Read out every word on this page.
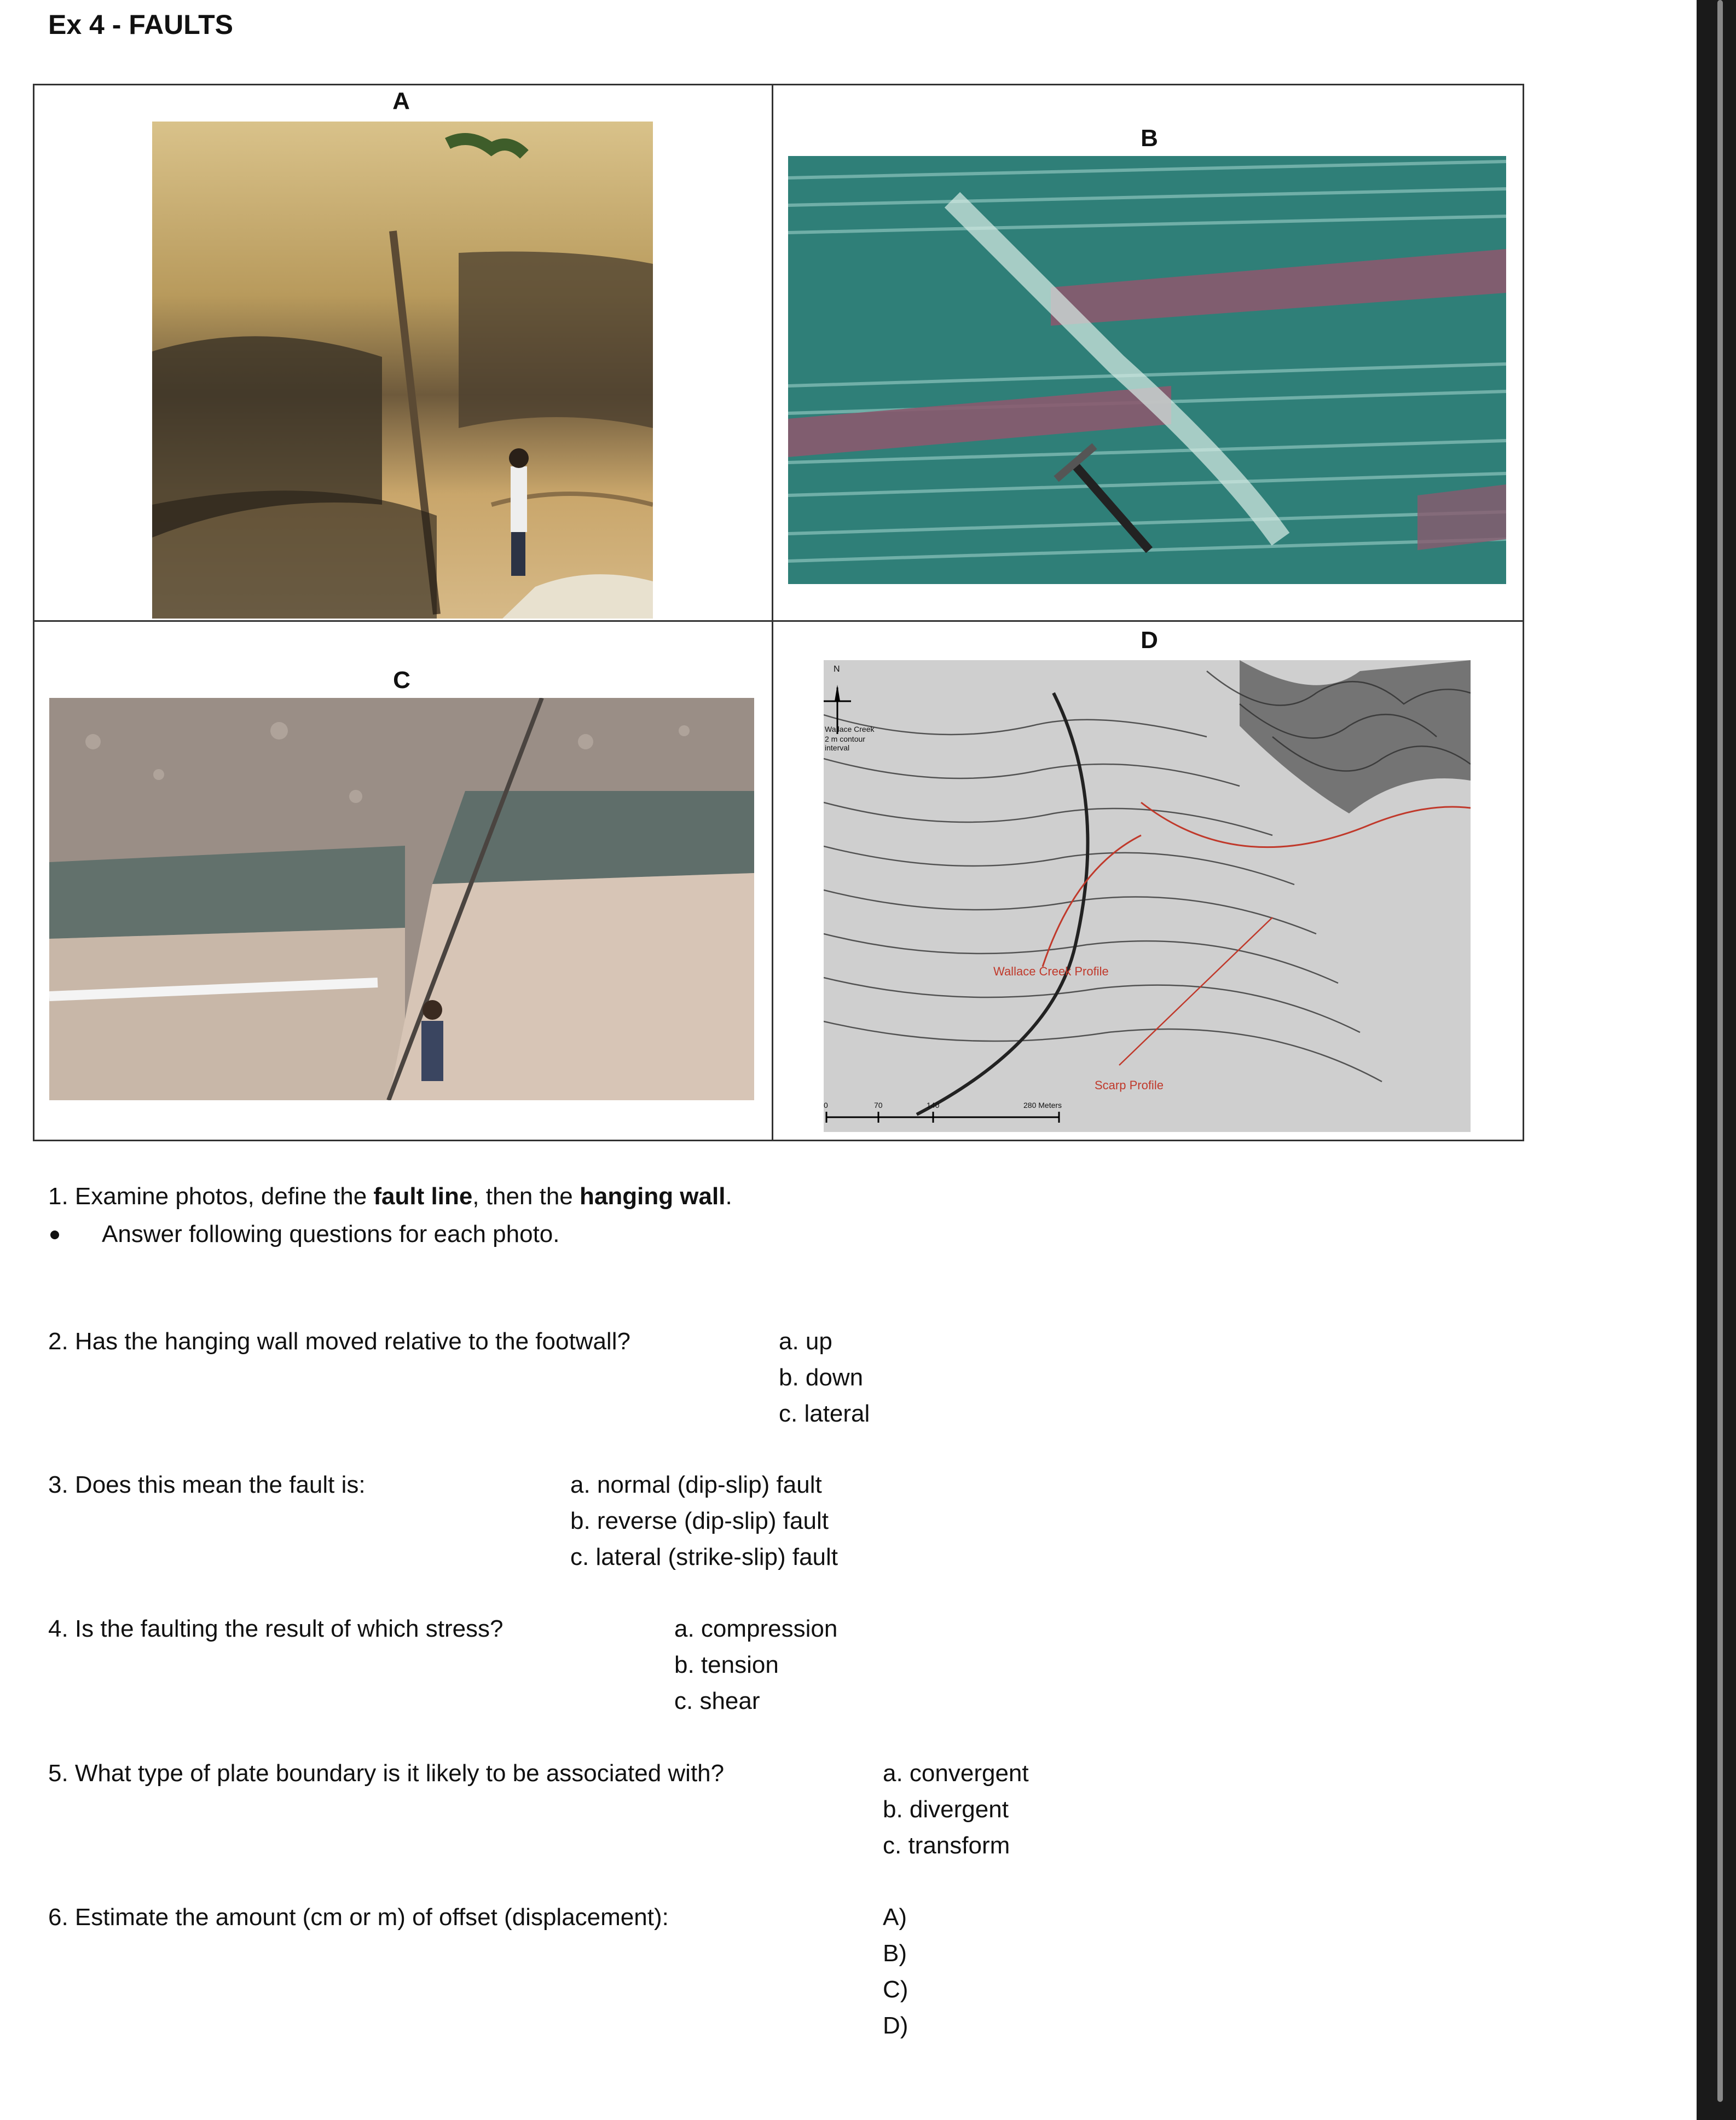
Ex 4 - FAULTS
A
B
C
D
N
Wallace Creek
2 m contour
interval
Wallace Creek Profile
Scarp Profile
0	70	140	280 Meters
1. Examine photos, define the fault line, then the hanging wall.
Answer following questions for each photo.
2. Has the hanging wall moved relative to the footwall?	a. up
b. down
c. lateral
3. Does this mean the fault is:	a. normal (dip-slip) fault
b. reverse (dip-slip) fault
c. lateral (strike-slip) fault
4. Is the faulting the result of which stress?	a. compression
b. tension
c. shear
5. What type of plate boundary is it likely to be associated with?	a. convergent
b. divergent
c. transform
6. Estimate the amount (cm or m) of offset (displacement):	A)
B)
C)
D)
